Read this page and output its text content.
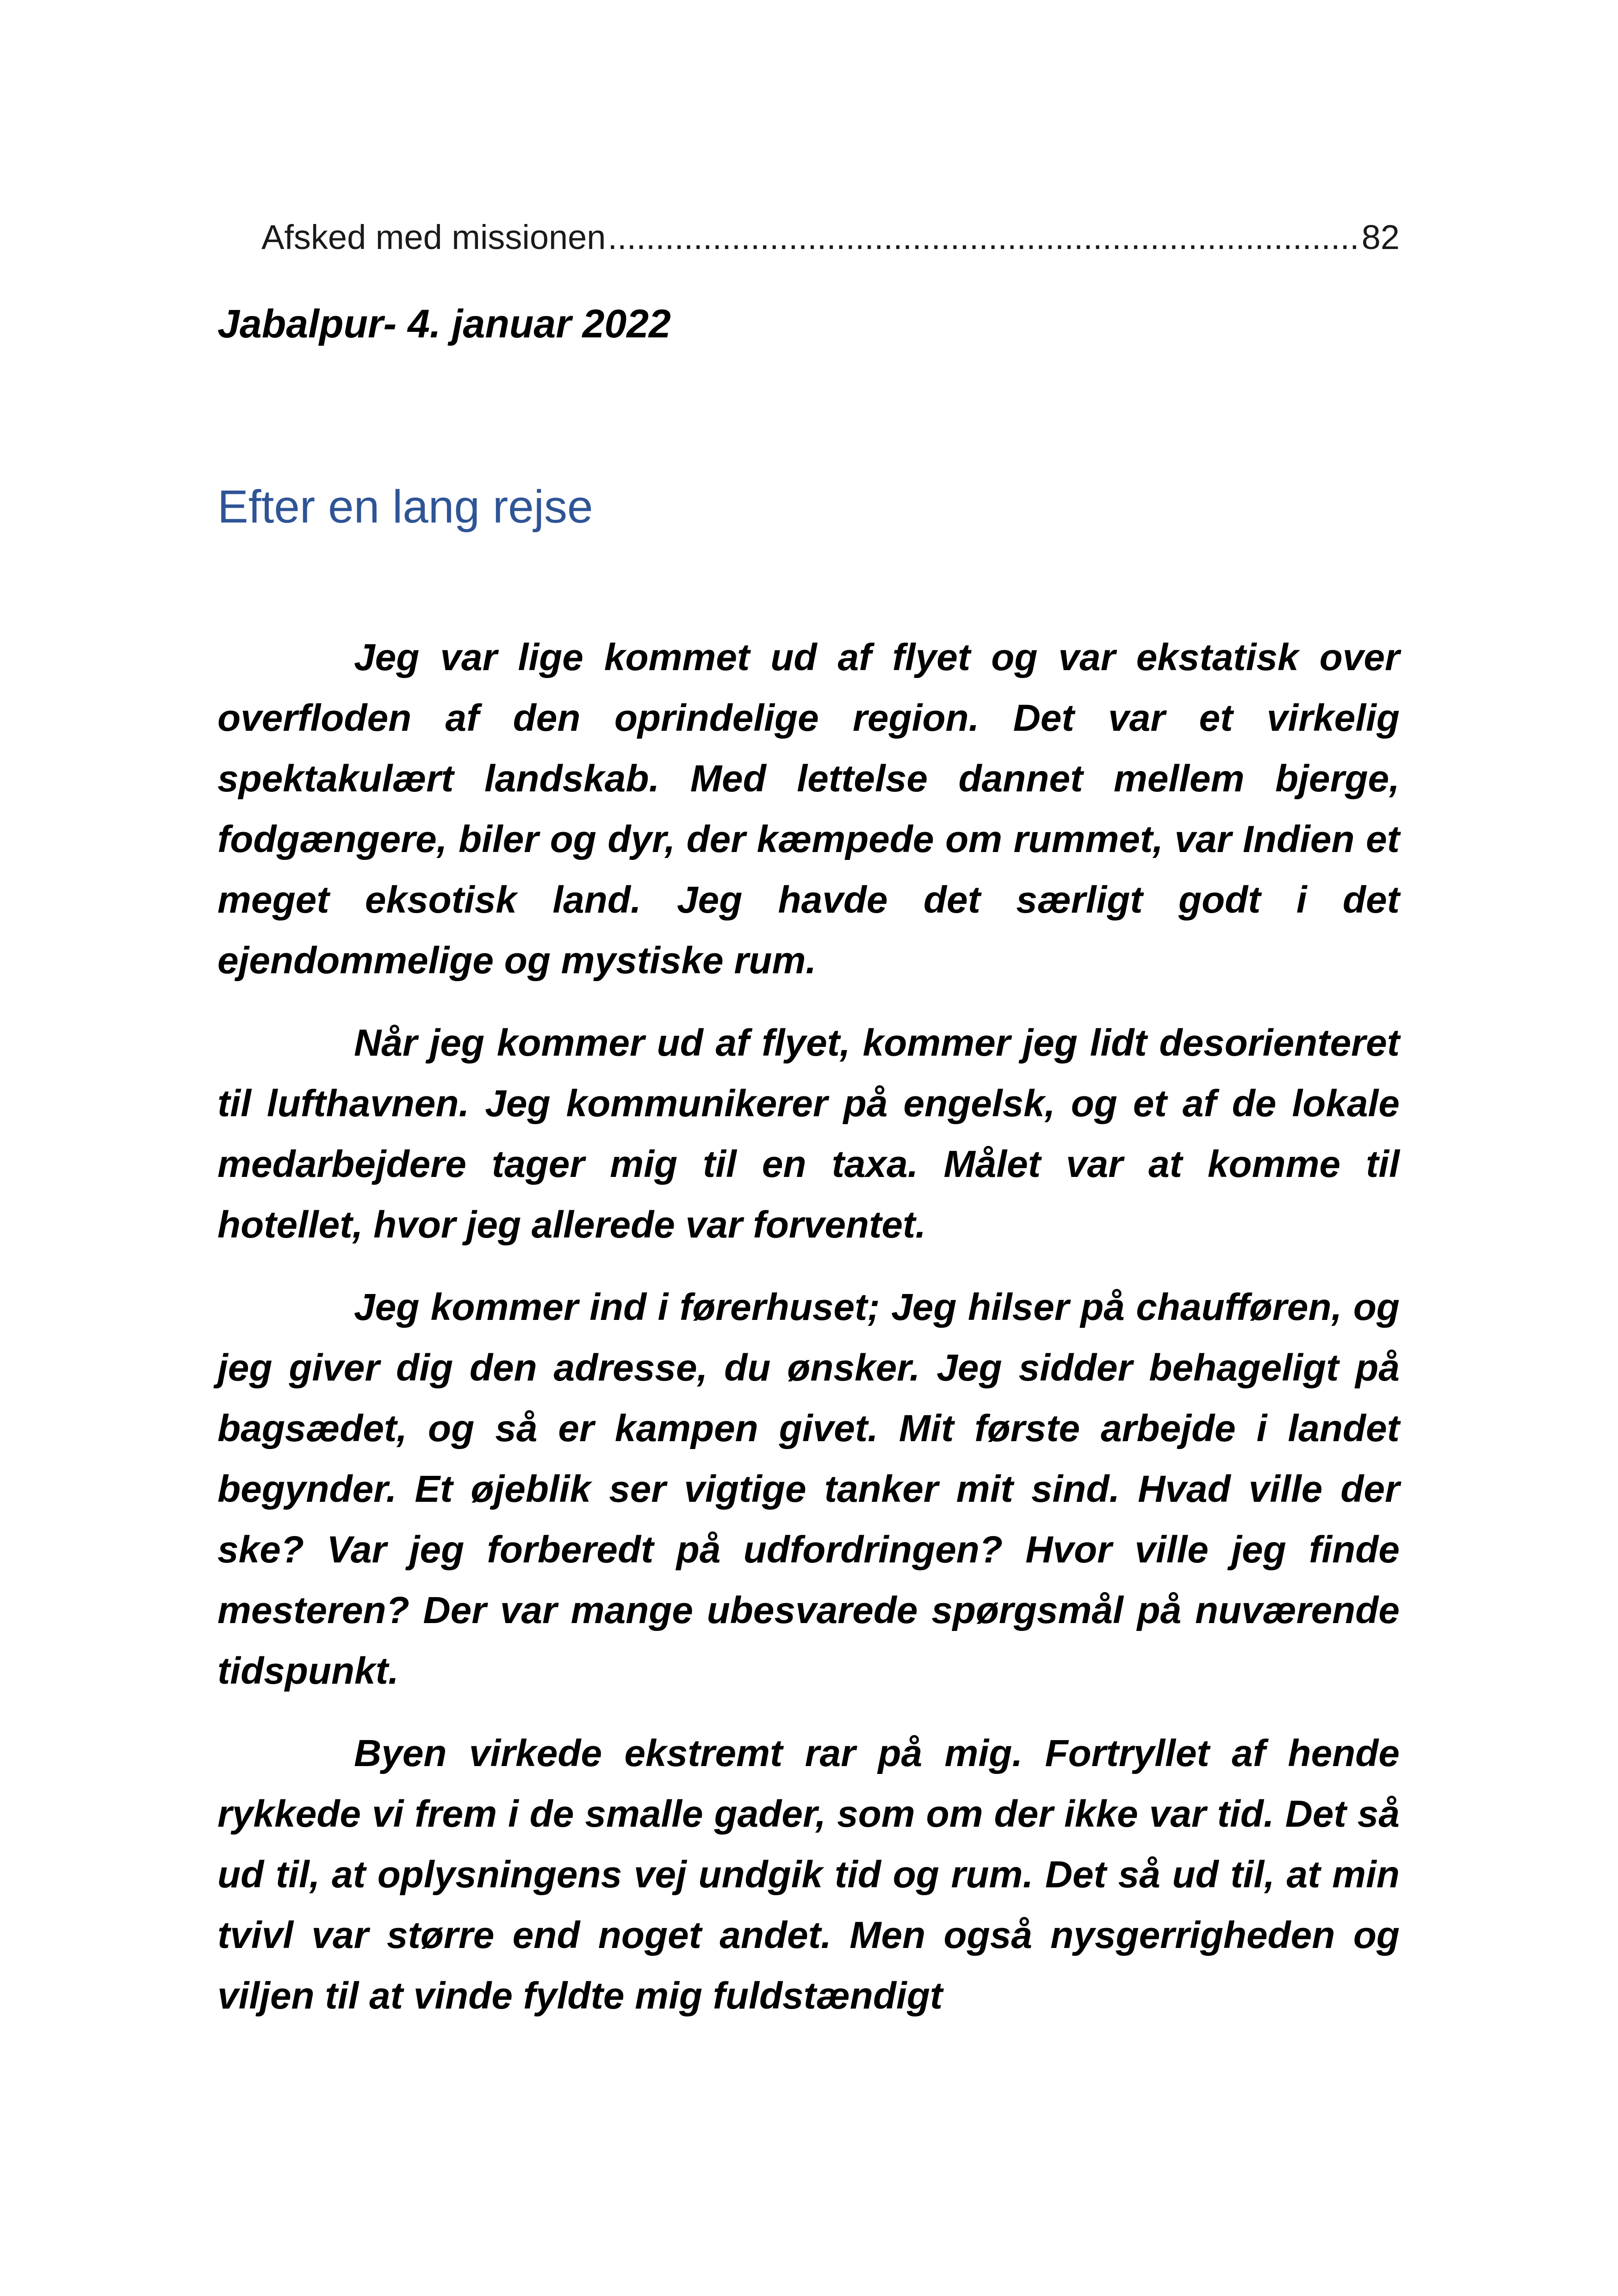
Afsked med missionen
.....	82
Jabalpur- 4. januar 2022
Efter en lang rejse

Jeg var lige kommet ud af flyet og var ekstatisk over overfloden af den oprindelige region. Det var et virkelig spektakulært landskab. Med lettelse dannet mellem bjerge, fodgængere, biler og dyr, der kæmpede om rummet, var Indien et meget eksotisk land. Jeg havde det særligt godt i det ejendommelige og mystiske rum.

Når jeg kommer ud af flyet, kommer jeg lidt desorienteret til lufthavnen. Jeg kommunikerer på engelsk, og et af de lokale medarbejdere tager mig til en taxa. Målet var at komme til hotellet, hvor jeg allerede var forventet.

Jeg kommer ind i førerhuset; Jeg hilser på chaufføren, og jeg giver dig den adresse, du ønsker. Jeg sidder behageligt på bagsædet, og så er kampen givet. Mit første arbejde i landet begynder. Et øjeblik ser vigtige tanker mit sind. Hvad ville der ske? Var jeg forberedt på udfordringen? Hvor ville jeg finde mesteren? Der var mange ubesvarede spørgsmål på nuværende tidspunkt.

Byen virkede ekstremt rar på mig. Fortryllet af hende rykkede vi frem i de smalle gader, som om der ikke var tid. Det så ud til, at oplysningens vej undgik tid og rum. Det så ud til, at min tvivl var større end noget andet. Men også nysgerrigheden og viljen til at vinde fyldte mig fuldstændigt
